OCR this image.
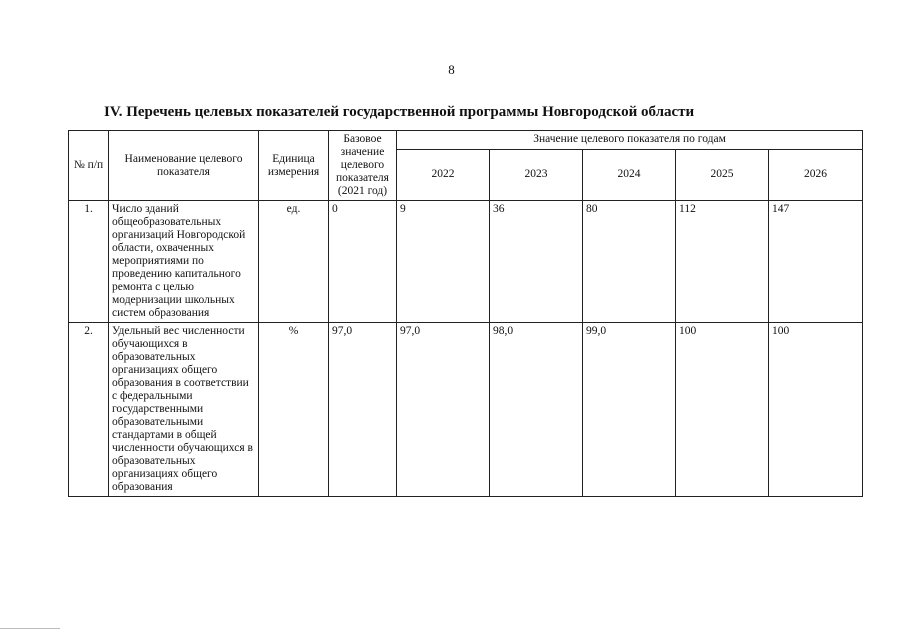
8
IV. Перечень целевых показателей государственной программы Новгородской области
№ п/п	Наименование целевого показателя	Единица измерения	Базовое значение целевого показателя (2021 год)	Значение целевого показателя по годам				
				2022	2023	2024	2025	2026
1.	Число зданий общеобразовательных организаций Новгородской области, охваченных мероприятиями по проведению капитального ремонта с целью модернизации школьных систем образования	ед.	0	9	36	80	112	147
2.	Удельный вес численности обучающихся в образовательных организациях общего образования в соответствии с федеральными государственными образовательными стандартами в общей численности обучающихся в образовательных организациях общего образования	%	97,0	97,0	98,0	99,0	100	100
